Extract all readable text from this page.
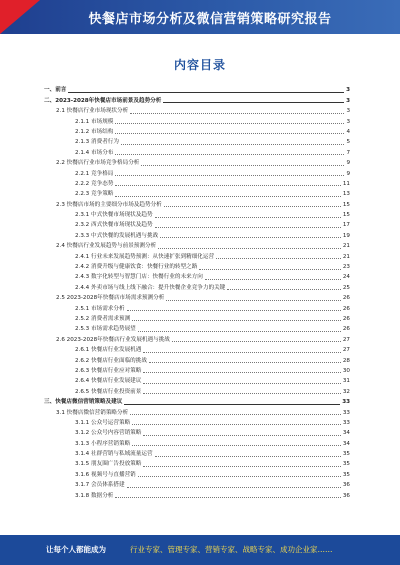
快餐店市场分析及微信营销策略研究报告
内容目录
一、前言	3
二、2023-2028年快餐店市场前景及趋势分析	3
2.1 快餐店行业市场现状分析	3
2.1.1 市场规模	3
2.1.2 市场结构	4
2.1.3 消费者行为	5
2.1.4 市场分布	7
2.2 快餐店行业市场竞争格局分析	9
2.2.1 竞争格局	9
2.2.2 竞争态势	11
2.2.3 竞争策略	13
2.3 快餐店市场的主要细分市场及趋势分析	15
2.3.1 中式快餐市场现状及趋势	15
2.3.2 西式快餐市场现状及趋势	17
2.3.3 中式快餐的发展机遇与挑战	19
2.4 快餐店行业发展趋势与前景预测分析	21
2.4.1 行业未来发展趋势预测：从快速扩张到精细化运营	21
2.4.2 消费升级与健康饮食：快餐行业的转型之路	23
2.4.3 数字化转型与智慧门店：快餐行业的未来方向	24
2.4.4 外卖市场与线上线下融合：提升快餐企业竞争力的关键	25
2.5 2023-2028年快餐店市场需求预测分析	26
2.5.1 市场需求分析	26
2.5.2 消费者需求预测	26
2.5.3 市场需求趋势展望	26
2.6 2023-2028年快餐店行业发展机遇与挑战	27
2.6.1 快餐店行业发展机遇	27
2.6.2 快餐店行业面临的挑战	28
2.6.3 快餐店行业应对策略	30
2.6.4 快餐店行业发展建议	31
2.6.5 快餐店行业投资前景	32
三、快餐店微信营销策略及建议	33
3.1 快餐店微信营销策略分析	33
3.1.1 公众号运营策略	33
3.1.2 公众号内容营销策略	34
3.1.3 小程序营销策略	34
3.1.4 社群营销与私域流量运营	35
3.1.5 朋友圈广告投放策略	35
3.1.6 视频号与直播营销	35
3.1.7 会员体系搭建	36
3.1.8 数据分析	36
让每个人都能成为	行业专家、管理专家、营销专家、战略专家、成功企业家……
